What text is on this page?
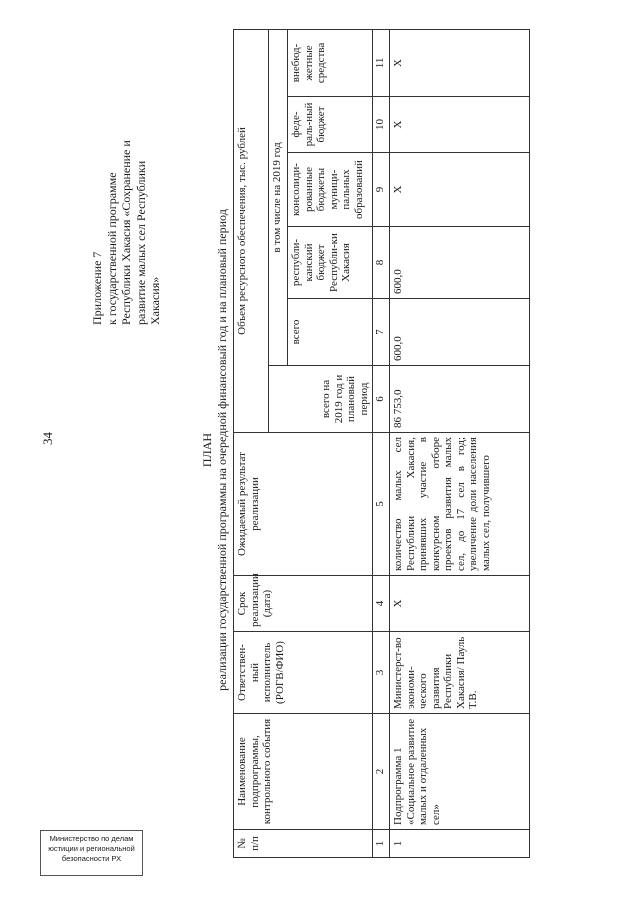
34
Приложение 7 к государственной программе Республики Хакасия «Сохранение и развитие малых сел Республики Хакасия»
ПЛАН реализации государственной программы на очередной финансовый год и на плановый период
№ п/п	Наименование подпрограммы, контрольного события	Ответствен-ный исполнитель (РОГВ/ФИО)	Срок реализации (дата)	Ожидаемый результат реализации	Объем ресурсного обеспечения, тыс. рублей					
					всего на 2019 год и плановый период	в том числе на 2019 год				
						всего	республи-канский бюджет Республи-ки Хакасия	консолиди-рованные бюджеты муници-пальных образований	феде-раль-ный бюджет	внебюд-жетные средства
1	2	3	4	5	6	7	8	9	10	11
1	Подпрограмма 1 «Социальное развитие малых и отдаленных сел»	Министерст-во экономи-ческого развития Республики Хакасия/ Пауль Т.В.	Х	количество малых сел Республики Хакасия, принявших участие в конкурсном отборе проектов развития малых сел, до 17 сел в год; увеличение доли населения малых сел, получившего	86 753,0	600,0	600,0	Х	Х	Х
Министерство по делам
юстиции и региональной
безопасности РХ
